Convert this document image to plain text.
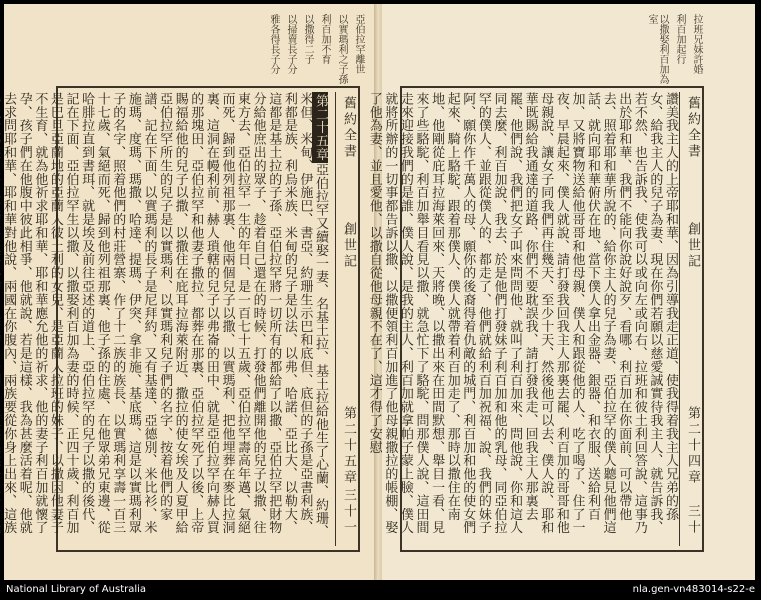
亞伯拉罕離世
以實瑪利之子孫
利百加不育
以撒得二子
以掃賣長子分
雅各得長子分
舊約全書
創世記
第二十五章
三十一

第二十五章亞伯拉罕又續娶一妻、名基土拉、基土拉給他生了心蘭、約珊、米但、米甸、伊施巴、書亞、約珊生示巴和底但、底但的子孫是亞書利族、利都是族、利烏米族、米甸的兒子是以法、以弗、哈諾、亞比大、以勒大、這都是基土拉的子孫、亞伯拉罕將一切所有的都給了以撒、亞伯拉罕把財物分給他庶出的眾子、趁着自己還在的時候、打發他們離開他的兒子以撒、往東方去、亞伯拉罕一生的年日、是一百七十五歲、亞伯拉罕壽高年邁、氣絕而死、歸到他列祖那裏、他兩個兒子以撒、以實瑪利、把他埋葬在麥比拉洞裏、這洞在幔利前、赫人瑣轄的兒子以弗崙的田中、就是亞伯拉罕向赫人買的那塊田、亞伯拉罕和他妻子撒拉、都葬在那裏、亞伯拉罕死了以後、上帝賜福給他的兒子以撒、以撒住在庇耳拉海萊附近、撒拉的使女埃及人夏甲給亞伯拉罕所生的兒子是以實瑪利、以實瑪利兒子們的名字、按着他們的家譜、記在下面、以實瑪利的長子是尼拜約、又有基達、亞德別、米比衫、米施瑪、度瑪、瑪撒、哈達、提瑪、伊突、拿非施、基底瑪、這是以實瑪利眾子的名字、照着他們的村莊營寨、作了十二族的族長、以實瑪利享壽一百三十七歲、氣絕而死、歸到他列祖那裏、他子孫的住處、在他眾弟兄東邊、從哈腓拉直到書珥、就是埃及前往亞述的道上、亞伯拉罕的兒子以撒的後代、記在下面、亞伯拉罕生以撒、以撒娶利百加為妻的時候、正四十歲、利百加是巴旦亞蘭地的亞蘭人彼土利的女兒、是亞蘭人拉班的妹子、以撒因他妻子不生育、就為他祈求耶和華、耶和華應允他的祈求、他的妻子利百加就懷了孕、孩子們在他腹中彼此相爭、他就說、若是這樣、我為甚麼活着呢、他就去求問耶和華、耶和華對他說、兩國在你腹內、兩族要從你身上出來、這族

拉班兄妹許婚
利百加起行
以撒娶利百加為室
舊約全書
創世記
第二十四章
三十

讚美我主人的上帝耶和華、因為引導我走正道、使我得着我主人兄弟的孫女、給我主人的兒子為妻、現在你們若願以慈愛誠實待我主人、就告訴我、若不然、也告訴我、使我可以或向左或向右、拉班和彼土利回答說、這事乃出於耶和華、我們不能向你說好說歹、看哪、利百加在你面前、可以帶他去、照着耶和華所說的、給你主人的兒子為妻、亞伯拉罕的僕人聽見他們這話、就向耶和華俯伏在地、當下僕人拿出金器、銀器、和衣服、送給利百加、又將寶物送給他哥哥和他母親、僕人和跟從他的人、吃了喝了、住了一夜、早晨起來、僕人就說、請打發我回我主人那裏去罷、利百加的哥哥和他母親說、讓女子同我們再住幾天、至少十天、然後他可以去、僕人說、耶和華既賜給我通達的道路、你們不要耽誤我、請打發我走、回我主人那裏去罷、他們說、我們把女子叫來問問他、就叫了利百加來、問他說、你和這人同去麼、利百加說、我去、於是他們打發妹子利百加和他的乳母、同亞伯拉罕的僕人、並跟從僕人的、都走了、他們就給利百加祝福、說、我們的妹子阿、願你作千萬人的母、願你的後裔得着仇敵的城門、利百加和他的使女們起來、騎上駱駝、跟着那僕人、僕人就帶着利百加走了、那時以撒住在南地、他剛從庇耳拉海萊回來、天將晚、以撒出來在田間默想、舉目一看、見來了些駱駝、利百加舉目看見以撒、就急忙下了駱駝、問那僕人說、這田間走來迎接我們的是誰、僕人說、是我的主人、利百加就拿帕子蒙上臉、僕人就將所辦的一切事都告訴以撒、以撒便領利百加進了他母親撒拉的帳棚、娶了他為妻、並且愛他、以撒自從他母親不在了、這才得了安慰

National Library of Australia	nla.gen-vn483014-s22-e
